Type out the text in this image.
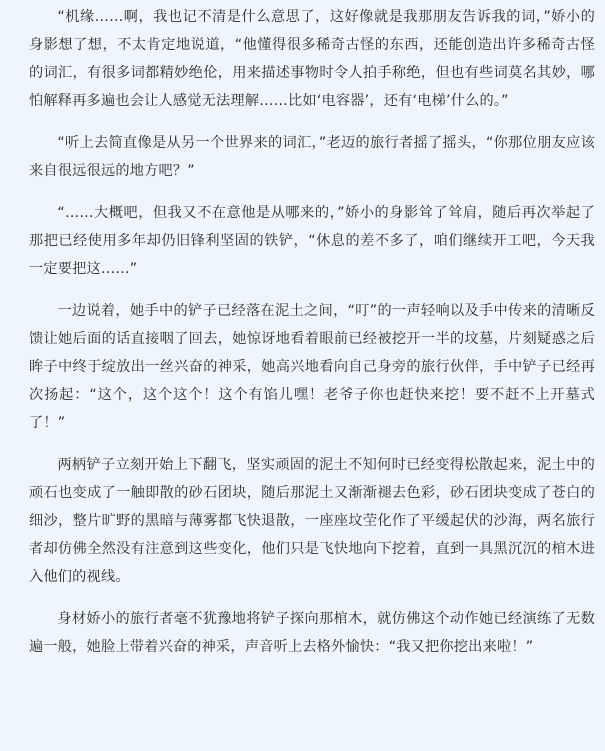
“机缘……啊，我也记不清是什么意思了，这好像就是我那朋友告诉我的词，”娇小的身影想了想，不太肯定地说道，“他懂得很多稀奇古怪的东西，还能创造出许多稀奇古怪的词汇，有很多词都精妙绝伦，用来描述事物时令人拍手称绝，但也有些词莫名其妙，哪怕解释再多遍也会让人感觉无法理解……比如‘电容器’，还有‘电梯’什么的。”

“听上去简直像是从另一个世界来的词汇，”老迈的旅行者摇了摇头，“你那位朋友应该来自很远很远的地方吧？”

“……大概吧，但我又不在意他是从哪来的，”娇小的身影耸了耸肩，随后再次举起了那把已经使用多年却仍旧锋利坚固的铁铲，“休息的差不多了，咱们继续开工吧，今天我一定要把这……”

一边说着，她手中的铲子已经落在泥土之间，“叮”的一声轻响以及手中传来的清晰反馈让她后面的话直接咽了回去，她惊讶地看着眼前已经被挖开一半的坟墓，片刻疑惑之后眸子中终于绽放出一丝兴奋的神采，她高兴地看向自己身旁的旅行伙伴，手中铲子已经再次扬起：“这个，这个这个！这个有馅儿嘿！老爷子你也赶快来挖！要不赶不上开墓式了！”

两柄铲子立刻开始上下翻飞，坚实顽固的泥土不知何时已经变得松散起来，泥土中的顽石也变成了一触即散的砂石团块，随后那泥土又渐渐褪去色彩，砂石团块变成了苍白的细沙，整片旷野的黑暗与薄雾都飞快退散，一座座坟茔化作了平缓起伏的沙海，两名旅行者却仿佛全然没有注意到这些变化，他们只是飞快地向下挖着，直到一具黑沉沉的棺木进入他们的视线。

身材娇小的旅行者毫不犹豫地将铲子探向那棺木，就仿佛这个动作她已经演练了无数遍一般，她脸上带着兴奋的神采，声音听上去格外愉快：“我又把你挖出来啦！”
